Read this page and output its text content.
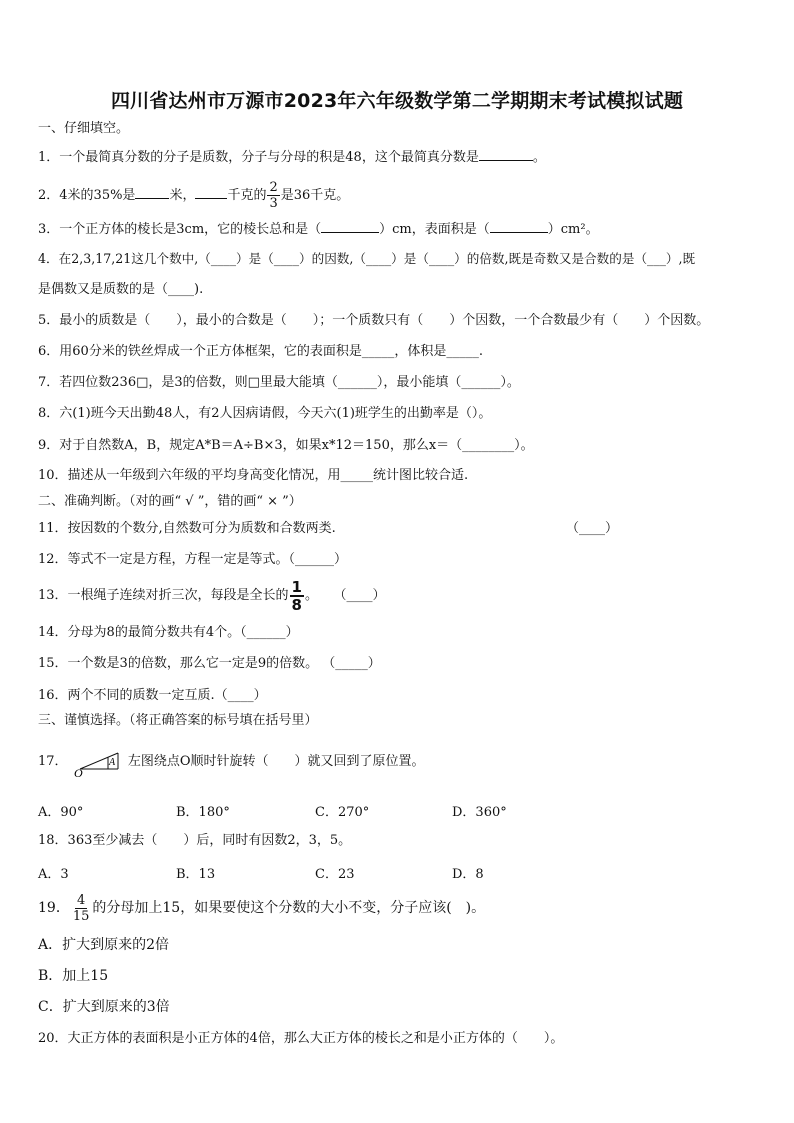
四川省达州市万源市2023年六年级数学第二学期期末考试模拟试题
一、仔细填空。
1．一个最简真分数的分子是质数，分子与分母的积是48，这个最简真分数是	。
2．4米的35%是	米， 千克的 $\frac{2}{3}$ 是36千克。
3．一个正方体的棱长是3cm，它的棱长总和是（	）cm，表面积是（	）cm²。
4．在2,3,17,21这几个数中,（____）是（____）的因数,（____）是（____）的倍数,既是奇数又是合数的是（___）,既
是偶数又是质数的是（____).
5．最小的质数是（　　），最小的合数是（　　）；一个质数只有（　　）个因数，一个合数最少有（　　）个因数。
6．用60分米的铁丝焊成一个正方体框架，它的表面积是_____，体积是_____.
7．若四位数236□，是3的倍数，则□里最大能填（______），最小能填（______）。
8．六(1)班今天出勤48人，有2人因病请假，今天六(1)班学生的出勤率是（）。
9．对于自然数A，B，规定A*B＝A÷B×3，如果x*12＝150，那么x＝（________）。
10．描述从一年级到六年级的平均身高变化情况，用_____统计图比较合适.
二、准确判断。（对的画“ √ ”，错的画“ × ”）
11．按因数的个数分,自然数可分为质数和合数两类.	（____）
12．等式不一定是方程，方程一定是等式。（______）
13．一根绳子连续对折三次，每段是全长的 $\frac{1}{8}$ 。 （____）
14．分母为8的最简分数共有4个。（______）
15．一个数是3的倍数，那么它一定是9的倍数。 （_____）
16．两个不同的质数一定互质.（____）
三、谨慎选择。（将正确答案的标号填在括号里）
17．	A
O
左图绕点O顺时针旋转（　　）就又回到了原位置。
A．90°	B．180°	C．270°	D．360°
18．363至少减去（　　）后，同时有因数2，3，5。
A．3	B．13	C．23	D．8
19． $\frac{4}{15}$ 的分母加上15，如果要使这个分数的大小不变，分子应该(　)。
A．扩大到原来的2倍
B．加上15
C．扩大到原来的3倍
20．大正方体的表面积是小正方体的4倍，那么大正方体的棱长之和是小正方体的（　　）。
